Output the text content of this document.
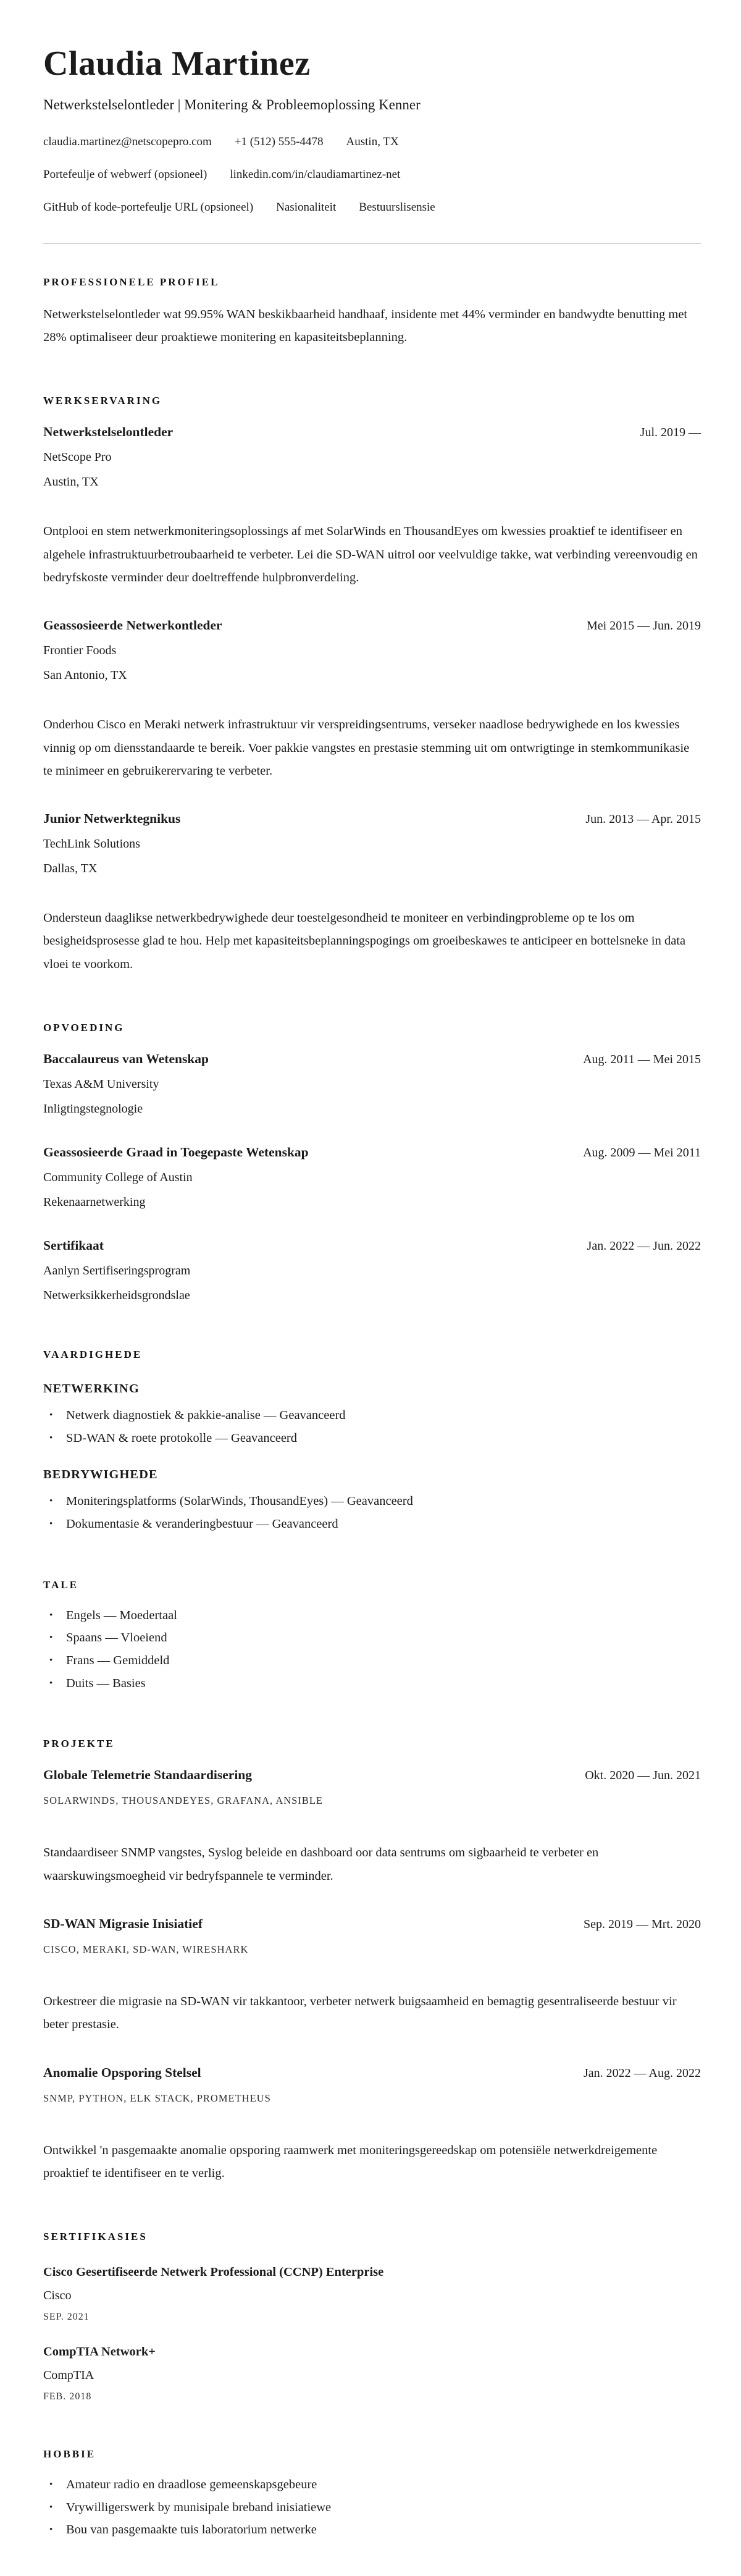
Claudia Martinez

Netwerkstelselontleder | Monitering & Probleemoplossing Kenner

claudia.martinez@netscopepro.com +1 (512) 555-4478 Austin, TX
Portefeulje of webwerf (opsioneel) linkedin.com/in/claudiamartinez-net
GitHub of kode-portefeulje URL (opsioneel) Nasionaliteit Bestuurslisensie
PROFESSIONELE PROFIEL

Netwerkstelselontleder wat 99.95% WAN beskikbaarheid handhaaf, insidente met 44% verminder en bandwydte benutting met 28% optimaliseer deur proaktiewe monitering en kapasiteitsbeplanning.

WERKSERVARING
Netwerkstelselontleder	Jul. 2019 —

NetScope Pro

Austin, TX

Ontplooi en stem netwerkmoniteringsoplossings af met SolarWinds en ThousandEyes om kwessies proaktief te identifiseer en algehele infrastruktuurbetroubaarheid te verbeter. Lei die SD-WAN uitrol oor veelvuldige takke, wat verbinding vereenvoudig en bedryfskoste verminder deur doeltreffende hulpbronverdeling.

Geassosieerde Netwerkontleder	Mei 2015 — Jun. 2019

Frontier Foods

San Antonio, TX

Onderhou Cisco en Meraki netwerk infrastruktuur vir verspreidingsentrums, verseker naadlose bedrywighede en los kwessies vinnig op om diensstandaarde te bereik. Voer pakkie vangstes en prestasie stemming uit om ontwrigtinge in stemkommunikasie te minimeer en gebruikerervaring te verbeter.

Junior Netwerktegnikus	Jun. 2013 — Apr. 2015

TechLink Solutions

Dallas, TX

Ondersteun daaglikse netwerkbedrywighede deur toestelgesondheid te moniteer en verbindingprobleme op te los om besigheidsprosesse glad te hou. Help met kapasiteitsbeplanningspogings om groeibeskawes te anticipeer en bottelsneke in data vloei te voorkom.

OPVOEDING
Baccalaureus van Wetenskap	Aug. 2011 — Mei 2015

Texas A&M University

Inligtingstegnologie

Geassosieerde Graad in Toegepaste Wetenskap	Aug. 2009 — Mei 2011

Community College of Austin

Rekenaarnetwerking

Sertifikaat	Jan. 2022 — Jun. 2022

Aanlyn Sertifiseringsprogram

Netwerksikkerheidsgrondslae

VAARDIGHEDE
NETWERKING
• Netwerk diagnostiek & pakkie-analise — Geavanceerd
• SD-WAN & roete protokolle — Geavanceerd
BEDRYWIGHEDE
• Moniteringsplatforms (SolarWinds, ThousandEyes) — Geavanceerd
• Dokumentasie & veranderingbestuur — Geavanceerd
TALE
• Engels — Moedertaal
• Spaans — Vloeiend
• Frans — Gemiddeld
• Duits — Basies
PROJEKTE
Globale Telemetrie Standaardisering	Okt. 2020 — Jun. 2021

SOLARWINDS, THOUSANDEYES, GRAFANA, ANSIBLE

Standaardiseer SNMP vangstes, Syslog beleide en dashboard oor data sentrums om sigbaarheid te verbeter en waarskuwingsmoegheid vir bedryfspannele te verminder.

SD-WAN Migrasie Inisiatief	Sep. 2019 — Mrt. 2020

CISCO, MERAKI, SD-WAN, WIRESHARK

Orkestreer die migrasie na SD-WAN vir takkantoor, verbeter netwerk buigsaamheid en bemagtig gesentraliseerde bestuur vir beter prestasie.

Anomalie Opsporing Stelsel	Jan. 2022 — Aug. 2022

SNMP, PYTHON, ELK STACK, PROMETHEUS

Ontwikkel 'n pasgemaakte anomalie opsporing raamwerk met moniteringsgereedskap om potensiële netwerkdreigemente proaktief te identifiseer en te verlig.

SERTIFIKASIES
Cisco Gesertifiseerde Netwerk Professional (CCNP) Enterprise

Cisco

SEP. 2021

CompTIA Network+

CompTIA

FEB. 2018

HOBBIE
• Amateur radio en draadlose gemeenskapsgebeure
• Vrywilligerswerk by munisipale breband inisiatiewe
• Bou van pasgemaakte tuis laboratorium netwerke
